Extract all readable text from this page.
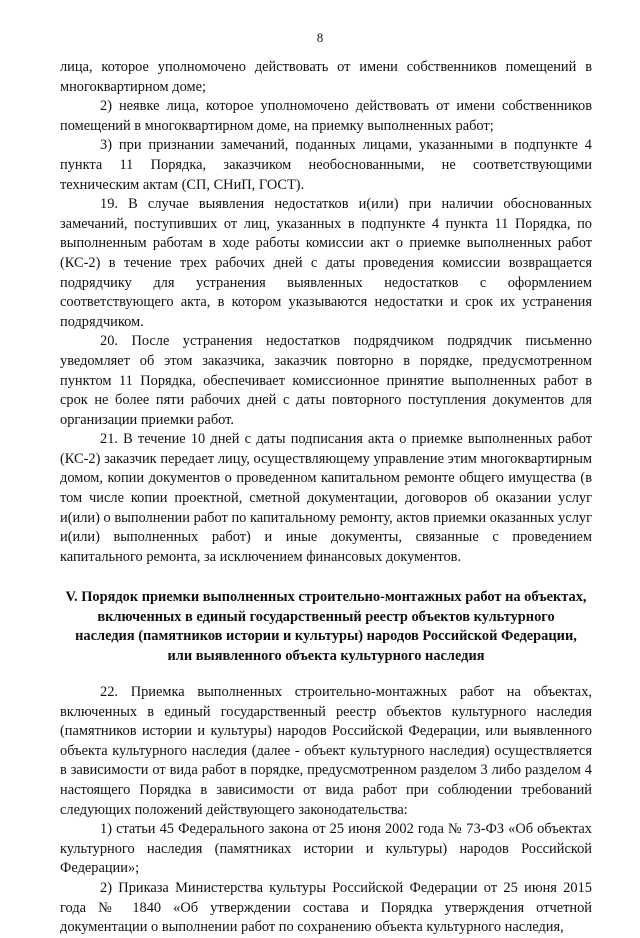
8

лица, которое уполномочено действовать от имени собственников помещений в многоквартирном доме;

2) неявке лица, которое уполномочено действовать от имени собственников помещений в многоквартирном доме, на приемку выполненных работ;

3) при признании замечаний, поданных лицами, указанными в подпункте 4 пункта 11 Порядка, заказчиком необоснованными, не соответствующими техническим актам (СП, СНиП, ГОСТ).

19. В случае выявления недостатков и(или) при наличии обоснованных замечаний, поступивших от лиц, указанных в подпункте 4 пункта 11 Порядка, по выполненным работам в ходе работы комиссии акт о приемке выполненных работ (КС-2) в течение трех рабочих дней с даты проведения комиссии возвращается подрядчику для устранения выявленных недостатков с оформлением соответствующего акта, в котором указываются недостатки и срок их устранения подрядчиком.

20. После устранения недостатков подрядчиком подрядчик письменно уведомляет об этом заказчика, заказчик повторно в порядке, предусмотренном пунктом 11 Порядка, обеспечивает комиссионное принятие выполненных работ в срок не более пяти рабочих дней с даты повторного поступления документов для организации приемки работ.

21. В течение 10 дней с даты подписания акта о приемке выполненных работ (КС-2) заказчик передает лицу, осуществляющему управление этим многоквартирным домом, копии документов о проведенном капитальном ремонте общего имущества (в том числе копии проектной, сметной документации, договоров об оказании услуг и(или) о выполнении работ по капитальному ремонту, актов приемки оказанных услуг и(или) выполненных работ) и иные документы, связанные с проведением капитального ремонта, за исключением финансовых документов.

V. Порядок приемки выполненных строительно-монтажных работ на объектах,
включенных в единый государственный реестр объектов культурного
наследия (памятников истории и культуры) народов Российской Федерации,
или выявленного объекта культурного наследия

22. Приемка выполненных строительно-монтажных работ на объектах, включенных в единый государственный реестр объектов культурного наследия (памятников истории и культуры) народов Российской Федерации, или выявленного объекта культурного наследия (далее - объект культурного наследия) осуществляется в зависимости от вида работ в порядке, предусмотренном разделом 3 либо разделом 4 настоящего Порядка в зависимости от вида работ при соблюдении требований следующих положений действующего законодательства:

1) статьи 45 Федерального закона от 25 июня 2002 года № 73-ФЗ «Об объектах культурного наследия (памятниках истории и культуры) народов Российской Федерации»;

2) Приказа Министерства культуры Российской Федерации от 25 июня 2015 года № 1840 «Об утверждении состава и Порядка утверждения отчетной документации о выполнении работ по сохранению объекта культурного наследия,
